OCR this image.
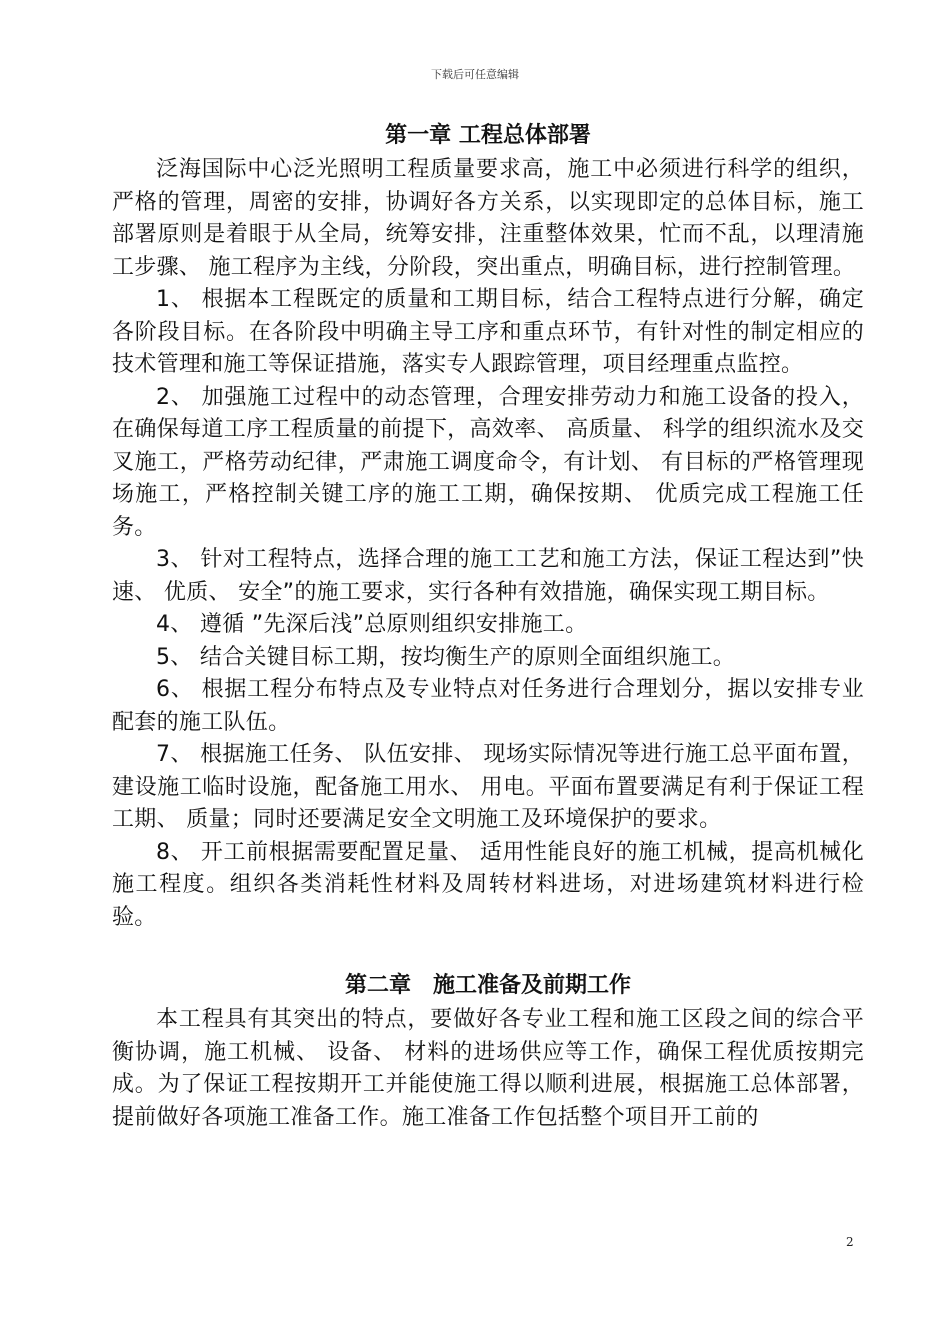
下载后可任意编辑
第一章 工程总体部署

泛海国际中心泛光照明工程质量要求高，施工中必须进行科学的组织，严格的管理，周密的安排，协调好各方关系，以实现即定的总体目标，施工部署原则是着眼于从全局，统筹安排，注重整体效果，忙而不乱，以理清施工步骤、 施工程序为主线，分阶段，突出重点，明确目标，进行控制管理。

1、 根据本工程既定的质量和工期目标，结合工程特点进行分解，确定各阶段目标。在各阶段中明确主导工序和重点环节，有针对性的制定相应的技术管理和施工等保证措施，落实专人跟踪管理，项目经理重点监控。

2、 加强施工过程中的动态管理，合理安排劳动力和施工设备的投入，在确保每道工序工程质量的前提下，高效率、 高质量、 科学的组织流水及交叉施工，严格劳动纪律，严肃施工调度命令，有计划、 有目标的严格管理现场施工，严格控制关键工序的施工工期，确保按期、 优质完成工程施工任务。

3、 针对工程特点，选择合理的施工工艺和施工方法，保证工程达到”快速、 优质、 安全”的施工要求，实行各种有效措施，确保实现工期目标。

4、 遵循 ”先深后浅”总原则组织安排施工。

5、 结合关键目标工期，按均衡生产的原则全面组织施工。

6、 根据工程分布特点及专业特点对任务进行合理划分，据以安排专业配套的施工队伍。

7、 根据施工任务、 队伍安排、 现场实际情况等进行施工总平面布置，建设施工临时设施，配备施工用水、 用电。平面布置要满足有利于保证工程工期、 质量；同时还要满足安全文明施工及环境保护的要求。

8、 开工前根据需要配置足量、 适用性能良好的施工机械，提高机械化施工程度。组织各类消耗性材料及周转材料进场，对进场建筑材料进行检验。

第二章　施工准备及前期工作

本工程具有其突出的特点，要做好各专业工程和施工区段之间的综合平衡协调，施工机械、 设备、 材料的进场供应等工作，确保工程优质按期完成。为了保证工程按期开工并能使施工得以顺利进展，根据施工总体部署，提前做好各项施工准备工作。施工准备工作包括整个项目开工前的

2
